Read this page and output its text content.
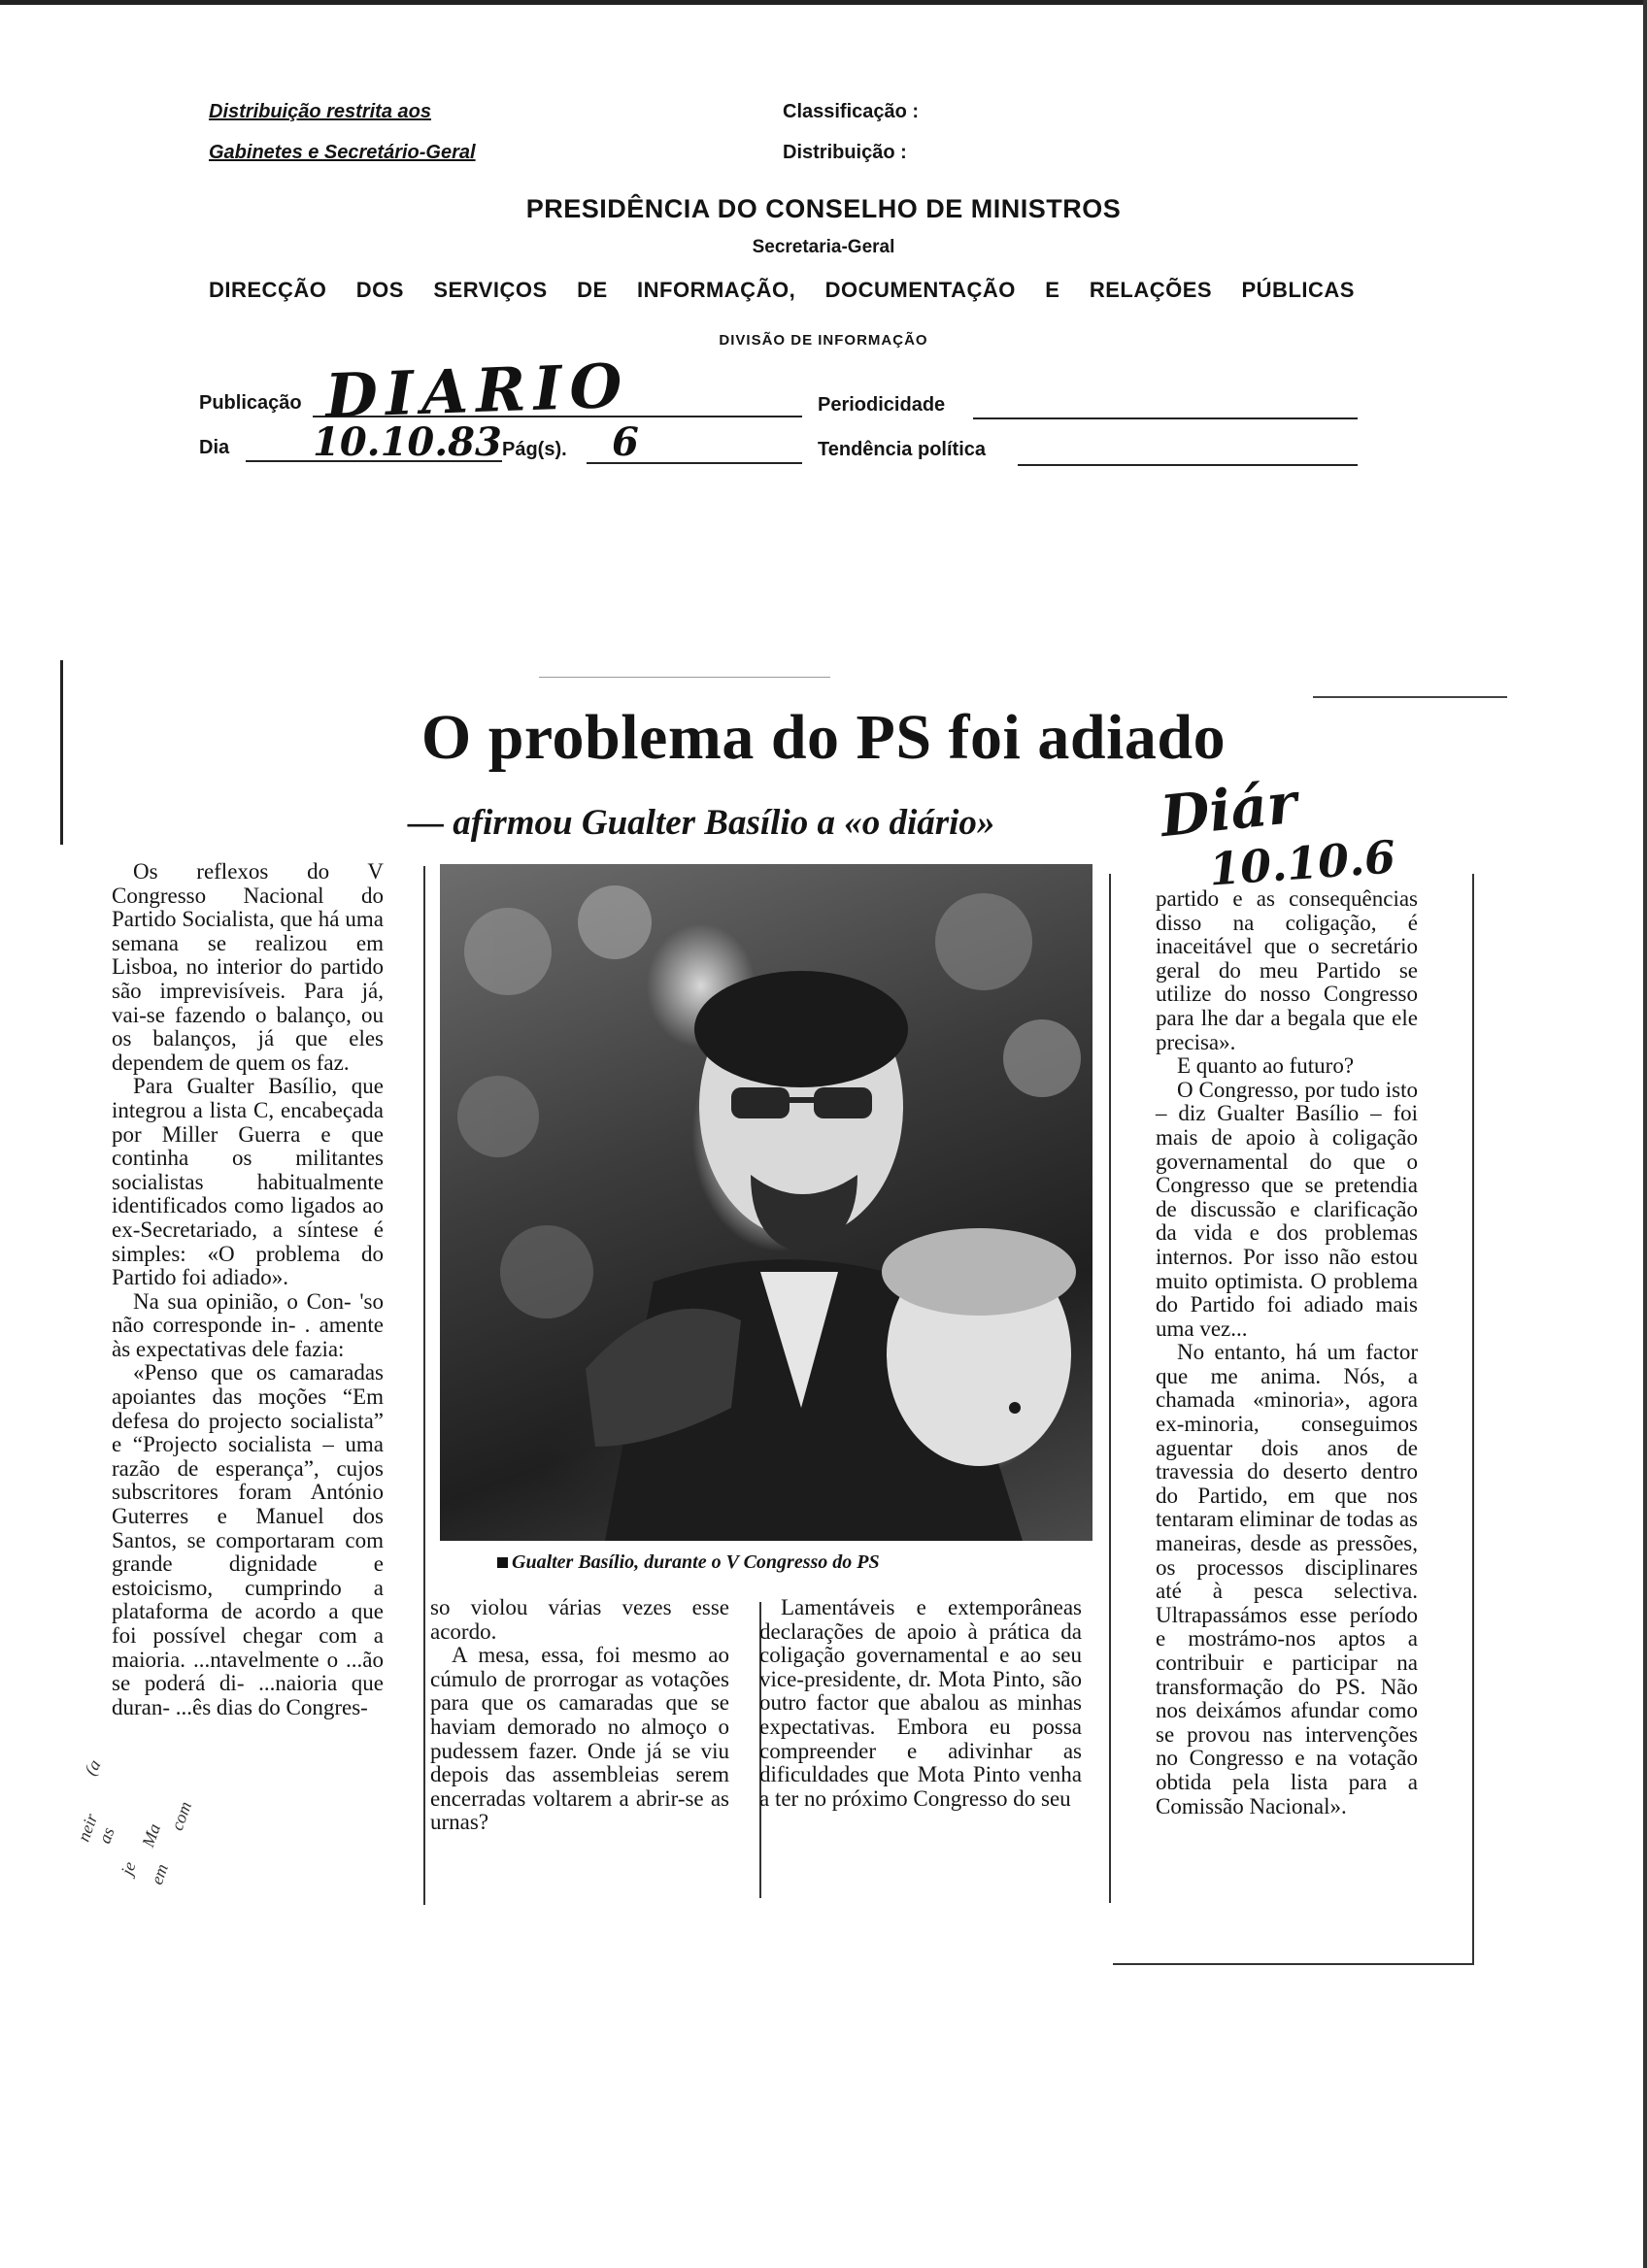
Distribuição restrita aos
Gabinetes e Secretário-Geral
Classificação :
Distribuição :
PRESIDÊNCIA DO CONSELHO DE MINISTROS
Secretaria-Geral
DIRECÇÃO DOS SERVIÇOS DE INFORMAÇÃO, DOCUMENTAÇÃO E RELAÇÕES PÚBLICAS
DIVISÃO DE INFORMAÇÃO
Publicação DIARIO	Periodicidade
Dia 10.10.83 Pág(s). 6	Tendência política
O problema do PS foi adiado
— afirmou Gualter Basílio a «o diário»	Diár
10.10.6

Os reflexos do V Congresso Nacional do Partido Socialista, que há uma semana se realizou em Lisboa, no interior do partido são imprevisíveis. Para já, vai-se fazendo o balanço, ou os balanços, já que eles dependem de quem os faz.

Para Gualter Basílio, que integrou a lista C, encabeçada por Miller Guerra e que continha os militantes socialistas habitualmente identificados como ligados ao ex-Secretariado, a síntese é simples: «O problema do Partido foi adiado».

Na sua opinião, o Con- 'so não corresponde in- . amente às expectativas dele fazia:

«Penso que os camaradas apoiantes das moções “Em defesa do projecto socialista” e “Projecto socialista – uma razão de esperança”, cujos subscritores foram António Guterres e Manuel dos Santos, se comportaram com grande dignidade e estoicismo, cumprindo a plataforma de acordo a que foi possível chegar com a maioria. ...ntavelmente o ...ão se poderá di- ...naioria que duran- ...ês dias do Congres-

(a
neir
as
je
Ma
com
em
Gualter Basílio, durante o V Congresso do PS

so violou várias vezes esse acordo.

A mesa, essa, foi mesmo ao cúmulo de prorrogar as votações para que os camaradas que se haviam demorado no almoço o pudessem fazer. Onde já se viu depois das assembleias serem encerradas voltarem a abrir-se as urnas?

Lamentáveis e extemporâneas declarações de apoio à prática da coligação governamental e ao seu vice-presidente, dr. Mota Pinto, são outro factor que abalou as minhas expectativas. Embora eu possa compreender e adivinhar as dificuldades que Mota Pinto venha a ter no próximo Congresso do seu

partido e as consequências disso na coligação, é inaceitável que o secretário geral do meu Partido se utilize do nosso Congresso para lhe dar a begala que ele precisa».

E quanto ao futuro?

O Congresso, por tudo isto – diz Gualter Basílio – foi mais de apoio à coligação governamental do que o Congresso que se pretendia de discussão e clarificação da vida e dos problemas internos. Por isso não estou muito optimista. O problema do Partido foi adiado mais uma vez...

No entanto, há um factor que me anima. Nós, a chamada «minoria», agora ex-minoria, conseguimos aguentar dois anos de travessia do deserto dentro do Partido, em que nos tentaram eliminar de todas as maneiras, desde as pressões, os processos disciplinares até à pesca selectiva. Ultrapassámos esse período e mostrámo-nos aptos a contribuir e participar na transformação do PS. Não nos deixámos afundar como se provou nas intervenções no Congresso e na votação obtida pela lista para a Comissão Nacional».
